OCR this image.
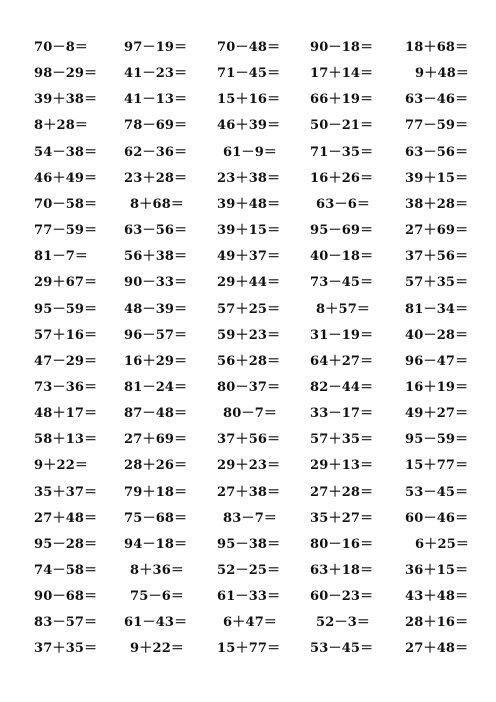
70－8＝	97－19＝ 70－48＝ 90－18＝ 18＋68＝
98－29＝ 41－23＝ 71－45＝ 17＋14＝	9＋48＝
39＋38＝ 41－13＝ 15＋16＝ 66＋19＝ 63－46＝
8＋28＝	78－69＝ 46＋39＝ 50－21＝ 77－59＝
54－38＝ 62－36＝	61－9＝	71－35＝ 63－56＝
46＋49＝ 23＋28＝ 23＋38＝ 16＋26＝ 39＋15＝
70－58＝	8＋68＝	39＋48＝	63－6＝	38＋28＝
77－59＝ 63－56＝ 39＋15＝ 95－69＝ 27＋69＝
81－7＝	56＋38＝ 49＋37＝ 40－18＝ 37＋56＝
29＋67＝ 90－33＝ 29＋44＝ 73－45＝ 57＋35＝
95－59＝ 48－39＝ 57＋25＝	8＋57＝	81－34＝
57＋16＝ 96－57＝ 59＋23＝ 31－19＝ 40－28＝
47－29＝ 16＋29＝ 56＋28＝ 64＋27＝ 96－47＝
73－36＝ 81－24＝ 80－37＝ 82－44＝ 16＋19＝
48＋17＝ 87－48＝	80－7＝	33－17＝ 49＋27＝
58＋13＝ 27＋69＝ 37＋56＝ 57＋35＝ 95－59＝
9＋22＝	28＋26＝ 29＋23＝ 29＋13＝ 15＋77＝
35＋37＝ 79＋18＝ 27＋38＝ 27＋28＝ 53－45＝
27＋48＝ 75－68＝	83－7＝	35＋27＝ 60－46＝
95－28＝ 94－18＝ 95－38＝ 80－16＝	6＋25＝
74－58＝	8＋36＝	52－25＝ 63＋18＝ 36＋15＝
90－68＝	75－6＝	61－33＝ 60－23＝ 43＋48＝
83－57＝ 61－43＝	6＋47＝	52－3＝	28＋16＝
37＋35＝	9＋22＝	15＋77＝ 53－45＝ 27＋48＝
